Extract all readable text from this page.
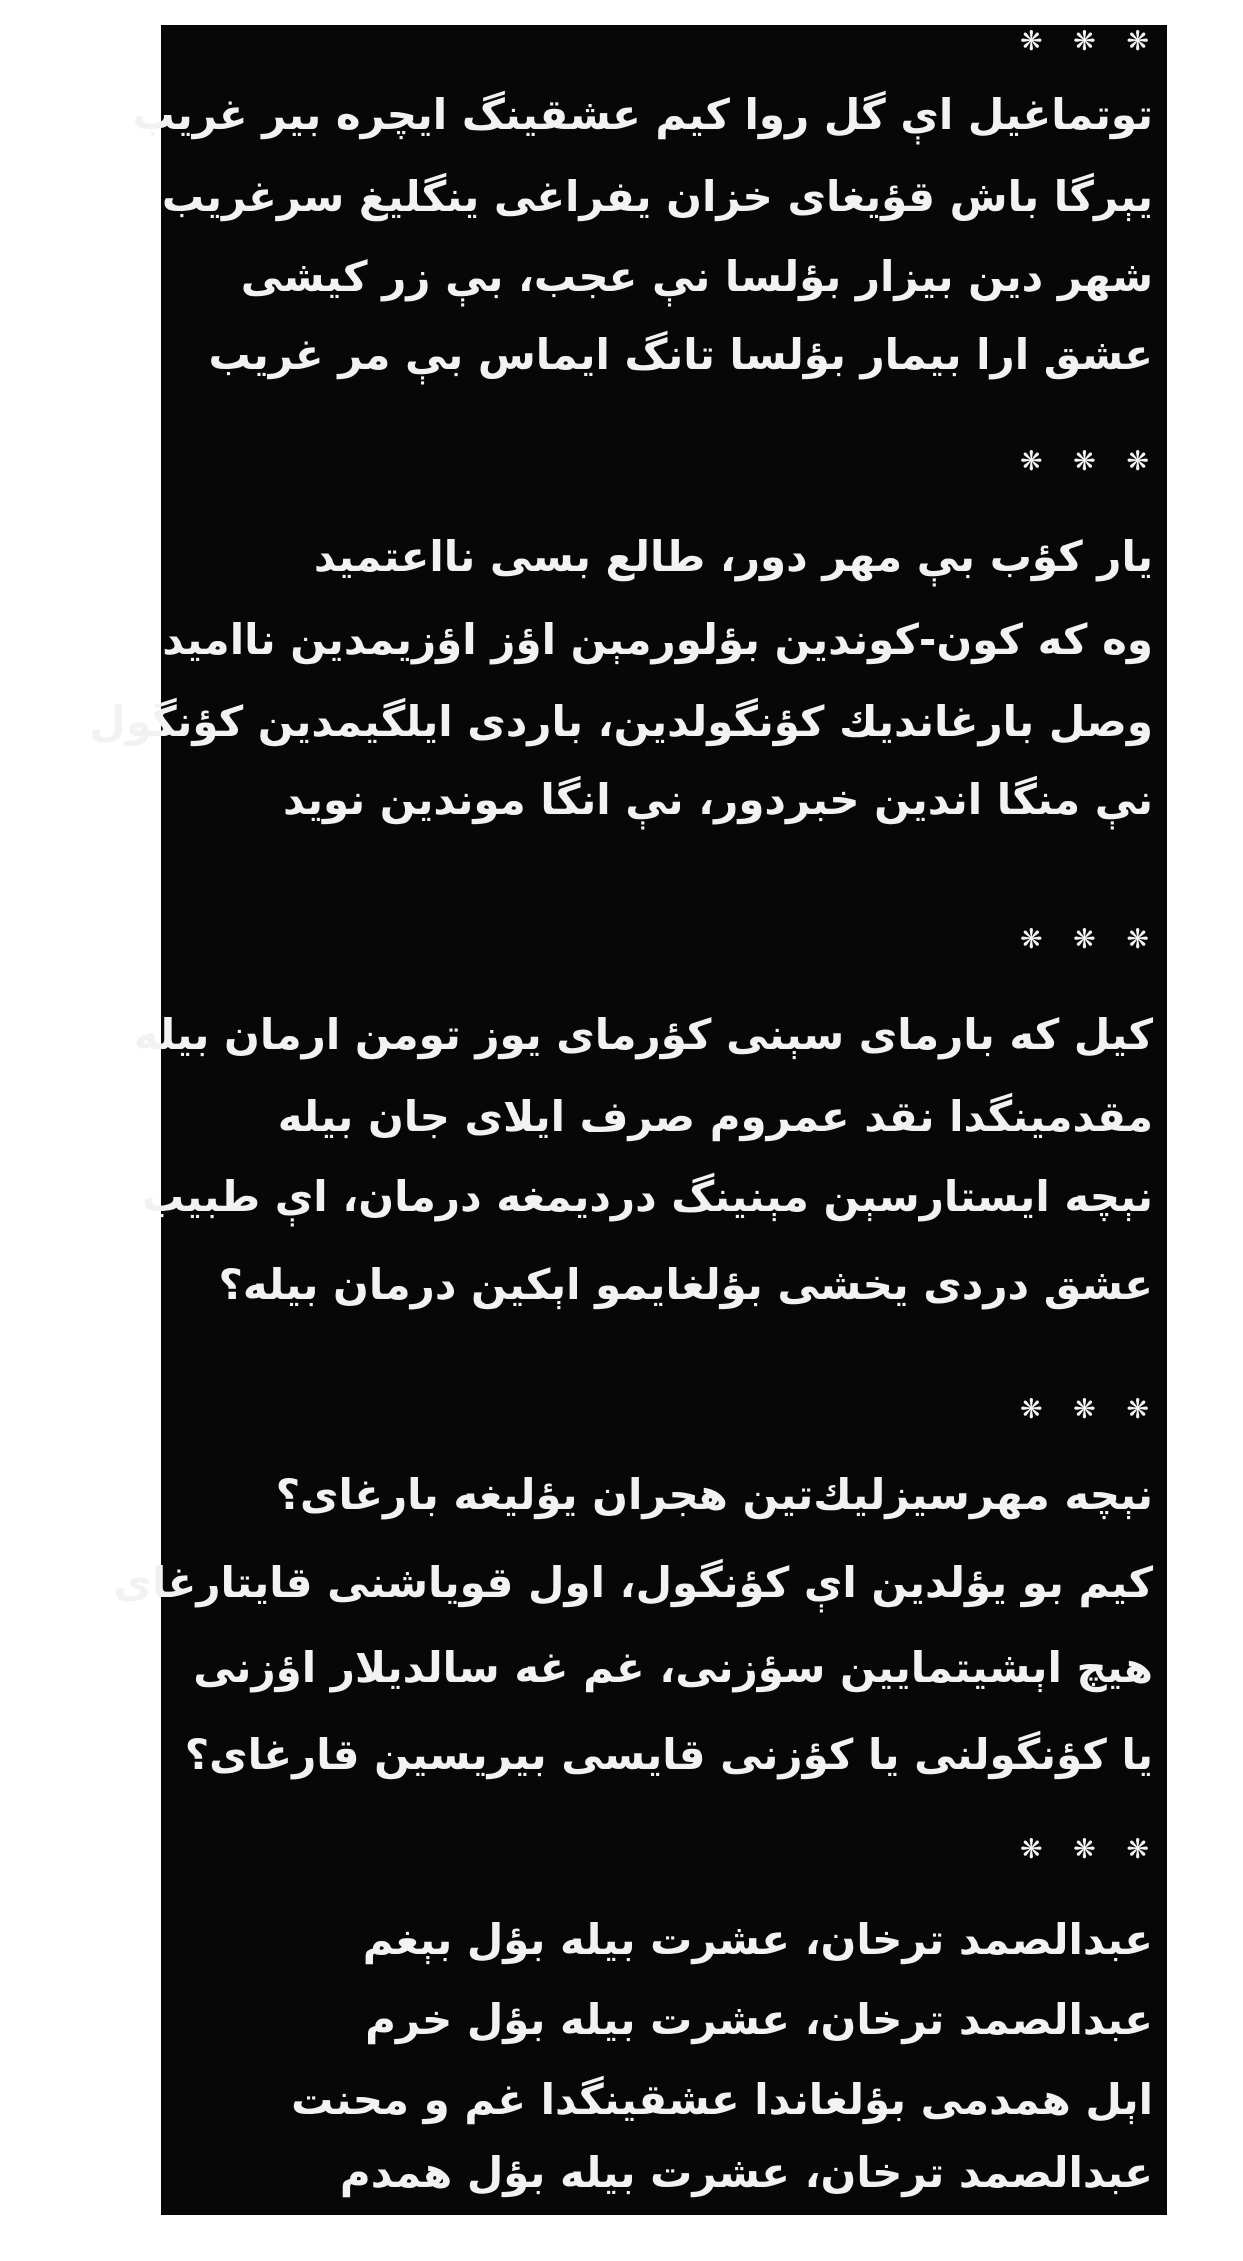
❋ ❋ ❋
توتماغيل اې گل روا كيم عشقينگ ايچره بير غريب
يېرگا باش قؤيغاى خزان يفراغى ينگليغ سرغريب
شهر دين بيزار بؤلسا نې عجب، بې زر كيشى
عشق ارا بيمار بؤلسا تانگ ايماس بې مر غريب
❋ ❋ ❋
يار كؤب بې مهر دور، طالع بسى نااعتميد
وه كه كون-كوندين بؤلورمېن اؤز اؤزيمدين نااميد
وصل بارغانديك كؤنگولدين، باردى ايلگيمدين كؤنگول
نې منگا اندين خبردور، نې انگا موندين نويد
❋ ❋ ❋
كيل كه بارماى سېنى كؤرماى يوز تومن ارمان بيله
مقدمينگدا نقد عمروم صرف ايلاى جان بيله
نېچه ايستارسېن مېنينگ درديمغه درمان، اې طبيب
عشق دردى يخشى بؤلغايمو اېكين درمان بيله؟
❋ ❋ ❋
نېچه مهرسيزليك‌تين هجران يؤليغه بارغاى؟
كيم بو يؤلدين اې كؤنگول، اول قوياشنى قايتارغاى
هيچ اېشيتمايين سؤزنى، غم غه سالديلار اؤزنى
يا كؤنگولنى يا كؤزنى قايسى بيريسين قارغاى؟
❋ ❋ ❋
عبدالصمد ترخان، عشرت بيله بؤل بېغم
عبدالصمد ترخان، عشرت بيله بؤل خرم
اېل همدمى بؤلغاندا عشقينگدا غم و محنت
عبدالصمد ترخان، عشرت بيله بؤل همدم
